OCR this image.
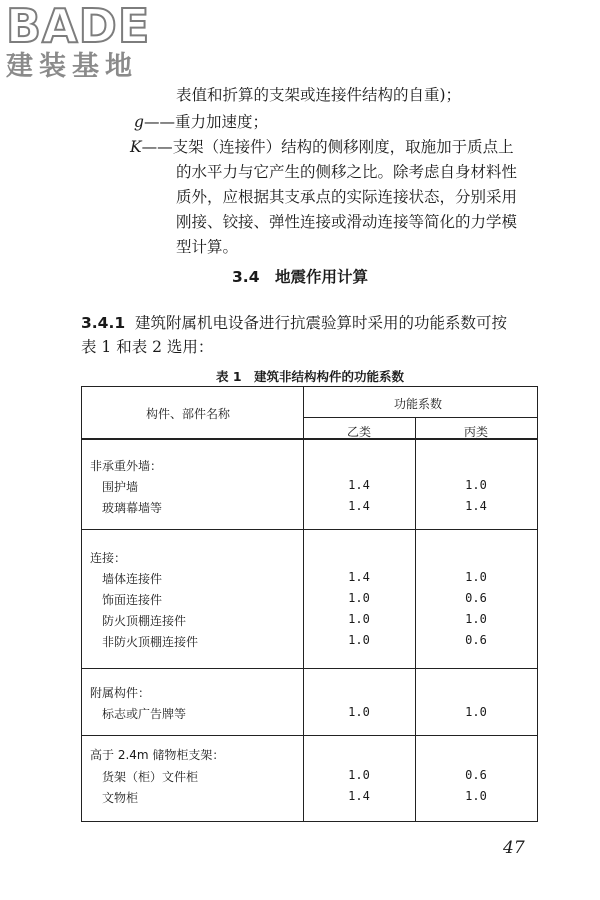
BADE
建装基地
表值和折算的支架或连接件结构的自重)；
g——重力加速度；
K——支架（连接件）结构的侧移刚度，取施加于质点上
的水平力与它产生的侧移之比。除考虑自身材料性
质外，应根据其支承点的实际连接状态，分别采用
刚接、铰接、弹性连接或滑动连接等简化的力学模
型计算。
3.4　地震作用计算
3.4.1 建筑附属机电设备进行抗震验算时采用的功能系数可按
表 1 和表 2 选用：
表 1　建筑非结构构件的功能系数
构件、部件名称
功能系数
乙类	丙类
非承重外墙：
围护墙	1.4	1.0
玻璃幕墙等	1.4	1.4
连接：
墙体连接件	1.4	1.0
饰面连接件	1.0	0.6
防火顶棚连接件	1.0	1.0
非防火顶棚连接件	1.0	0.6
附属构件：
标志或广告牌等	1.0	1.0
高于 2.4m 储物柜支架：
货架（柜）文件柜	1.0	0.6
文物柜	1.4	1.0
47
